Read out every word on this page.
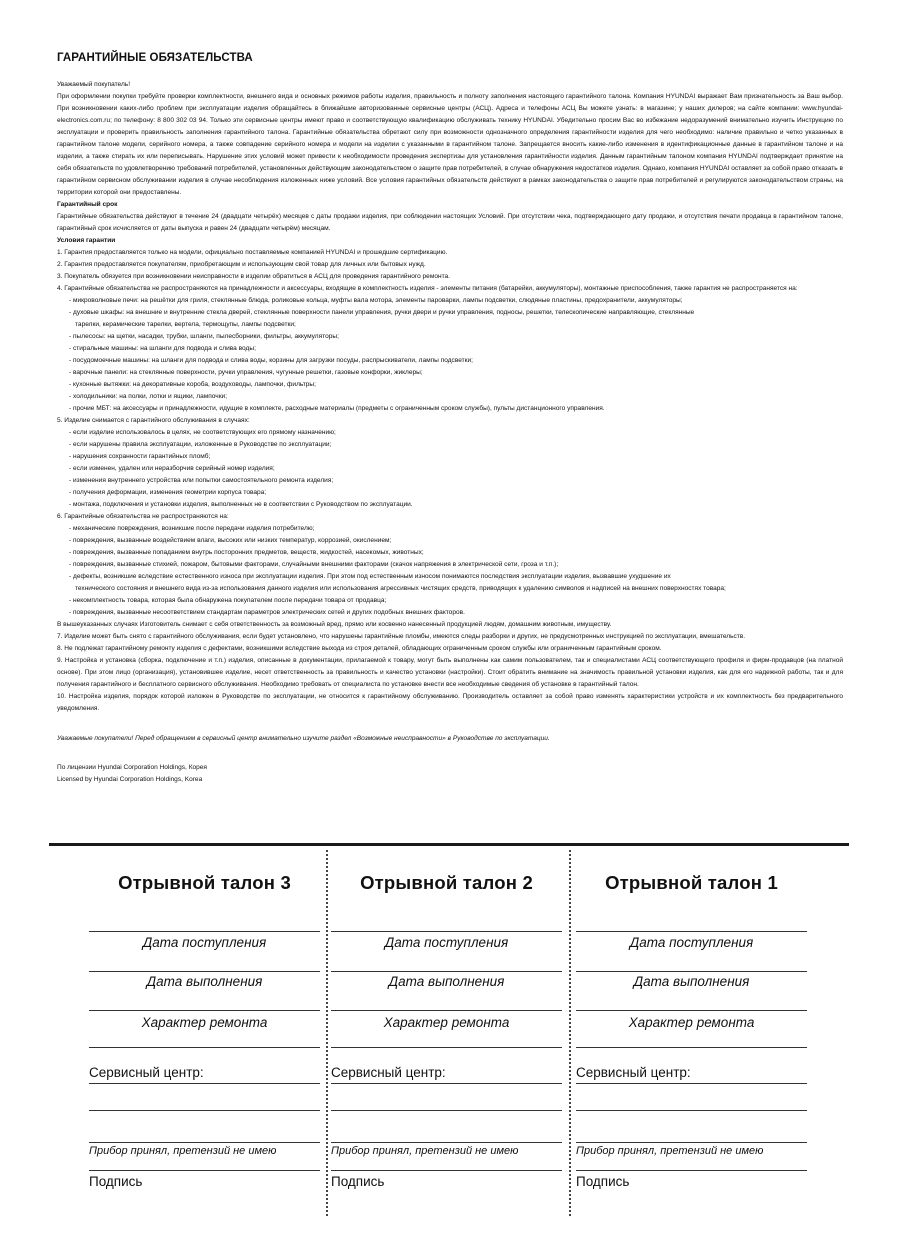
ГАРАНТИЙНЫЕ ОБЯЗАТЕЛЬСТВА
Уважаемый покупатель!
При оформлении покупки требуйте проверки комплектности, внешнего вида и основных режимов работы изделия, правильность и полноту заполнения настоящего гарантийного талона. Компания HYUNDAI выражает Вам признательность за Ваш выбор. При возникновении каких-либо проблем при эксплуатации изделия обращайтесь в ближайшие авторизованные сервисные центры (АСЦ). Адреса и телефоны АСЦ Вы можете узнать: в магазине; у наших дилеров; на сайте компании: www.hyundai-electronics.com.ru; по телефону: 8 800 302 03 94. Только эти сервисные центры имеют право и соответствующую квалификацию обслуживать технику HYUNDAI. Убедительно просим Вас во избежание недоразумений внимательно изучить Инструкцию по эксплуатации и проверить правильность заполнения гарантийного талона. Гарантийные обязательства обретают силу при возможности однозначного определения гарантийности изделия для чего необходимо: наличие правильно и четко указанных в гарантийном талоне модели, серийного номера, а также совпадение серийного номера и модели на изделии с указанными в гарантийном талоне. Запрещается вносить какие-либо изменения в идентификационные данные в гарантийном талоне и на изделии, а также стирать их или переписывать. Нарушение этих условий может привести к необходимости проведения экспертизы для установления гарантийности изделия. Данным гарантийным талоном компания HYUNDAI подтверждает принятие на себя обязательств по удовлетворению требований потребителей, установленных действующим законодательством о защите прав потребителей, в случае обнаружения недостатков изделия. Однако, компания HYUNDAI оставляет за собой право отказать в гарантийном сервисном обслуживании изделия в случае несоблюдения изложенных ниже условий. Все условия гарантийных обязательств действуют в рамках законодательства о защите прав потребителей и регулируются законодательством страны, на территории которой они предоставлены.
Гарантийный срок
Гарантийные обязательства действуют в течение 24 (двадцати четырёх) месяцев с даты продажи изделия, при соблюдении настоящих Условий. При отсутствии чека, подтверждающего дату продажи, и отсутствия печати продавца в гарантийном талоне, гарантийный срок исчисляется от даты выпуска и равен 24 (двадцати четырём) месяцам.
Условия гарантии
1. Гарантия предоставляется только на модели, официально поставляемые компанией HYUNDAI и прошедшие сертификацию.
2. Гарантия предоставляется покупателям, приобретающим и использующим свой товар для личных или бытовых нужд.
3. Покупатель обязуется при возникновении неисправности в изделии обратиться в АСЦ для проведения гарантийного ремонта.
4. Гарантийные обязательства не распространяются на принадлежности и аксессуары, входящие в комплектность изделия - элементы питания (батарейки, аккумуляторы), монтажные приспособления, также гарантия не распространяется на:
- микроволновые печи: на решётки для гриля, стеклянные блюда, роликовые кольца, муфты вала мотора, элементы пароварки, лампы подсветки, слюдяные пластины, предохранители, аккумуляторы;
- духовые шкафы: на внешние и внутренние стекла дверей, стеклянные поверхности панели управления, ручки двери и ручки управления, подносы, решетки, телескопические направляющие, стеклянные
тарелки, керамические тарелки, вертела, термощупы, лампы подсветки;
- пылесосы: на щетки, насадки, трубки, шланги, пылесборники, фильтры, аккумуляторы;
- стиральные машины: на шланги для подвода и слива воды;
- посудомоечные машины: на шланги для подвода и слива воды, корзины для загрузки посуды, распрыскиватели, лампы подсветки;
- варочные панели: на стеклянные поверхности, ручки управления, чугунные решетки, газовые конфорки, жиклеры;
- кухонные вытяжки: на декоративные короба, воздуховоды, лампочки, фильтры;
- холодильники: на полки, лотки и ящики, лампочки;
- прочие МБТ: на аксессуары и принадлежности, идущие в комплекте, расходные материалы (предметы с ограниченным сроком службы), пульты дистанционного управления.
5. Изделие снимается с гарантийного обслуживания в случаях:
- если изделие использовалось в целях, не соответствующих его прямому назначению;
- если нарушены правила эксплуатации, изложенные в Руководстве по эксплуатации;
- нарушения сохранности гарантийных пломб;
- если изменен, удален или неразборчив серийный номер изделия;
- изменения внутреннего устройства или попытки самостоятельного ремонта изделия;
- получения деформации, изменения геометрии корпуса товара;
- монтажа, подключения и установки изделия, выполненных не в соответствии с Руководством по эксплуатации.
6. Гарантийные обязательства не распространяются на:
- механические повреждения, возникшие после передачи изделия потребителю;
- повреждения, вызванные воздействием влаги, высоких или низких температур, коррозией, окислением;
- повреждения, вызванные попаданием внутрь посторонних предметов, веществ, жидкостей, насекомых, животных;
- повреждения, вызванные стихией, пожаром, бытовыми факторами, случайными внешними факторами (скачок напряжения в электрической сети, гроза и т.п.);
- дефекты, возникшие вследствие естественного износа при эксплуатации изделия. При этом под естественным износом понимаются последствия эксплуатации изделия, вызвавшие ухудшение их
технического состояния и внешнего вида из-за использования данного изделия или использования агрессивных чистящих средств, приводящих к удалению символов и надписей на внешних поверхностях товара;
- некомплектность товара, которая была обнаружена покупателем после передачи товара от продавца;
- повреждения, вызванные несоответствием стандартам параметров электрических сетей и других подобных внешних факторов.
В вышеуказанных случаях Изготовитель снимает с себя ответственность за возможный вред, прямо или косвенно нанесенный продукцией людям, домашним животным, имуществу.
7. Изделие может быть снято с гарантийного обслуживания, если будет установлено, что нарушены гарантийные пломбы, имеются следы разборки и других, не предусмотренных инструкцией по эксплуатации, вмешательств.
8. Не подлежат гарантийному ремонту изделия с дефектами, возникшими вследствие выхода из строя деталей, обладающих ограниченным сроком службы или ограниченным гарантийным сроком.
9. Настройка и установка (сборка, подключение и т.п.) изделия, описанные в документации, прилагаемой к товару, могут быть выполнены как самим пользователем, так и специалистами АСЦ соответствующего профиля и фирм-продавцов (на платной основе). При этом лицо (организация), установившее изделие, несет ответственность за правильность и качество установки (настройки). Стоит обратить внимание на значимость правильной установки изделия, как для его надежной работы, так и для получения гарантийного и бесплатного сервисного обслуживания. Необходимо требовать от специалиста по установке внести все необходимые сведения об установке в гарантийный талон.
10. Настройка изделия, порядок которой изложен в Руководстве по эксплуатации, не относится к гарантийному обслуживанию. Производитель оставляет за собой право изменять характеристики устройств и их комплектность без предварительного уведомления.
Уважаемые покупатели! Перед обращением в сервисный центр внимательно изучите раздел «Возможные неисправности» в Руководстве по эксплуатации.
По лицензии Hyundai Corporation Holdings, Корея
Licensed by Hyundai Corporation Holdings, Korea
Отрывной талон 3
Дата поступления
Дата выполнения
Характер ремонта
Сервисный центр:
Прибор принял, претензий не имею
Подпись
Отрывной талон 2
Дата поступления
Дата выполнения
Характер ремонта
Сервисный центр:
Прибор принял, претензий не имею
Подпись
Отрывной талон 1
Дата поступления
Дата выполнения
Характер ремонта
Сервисный центр:
Прибор принял, претензий не имею
Подпись
